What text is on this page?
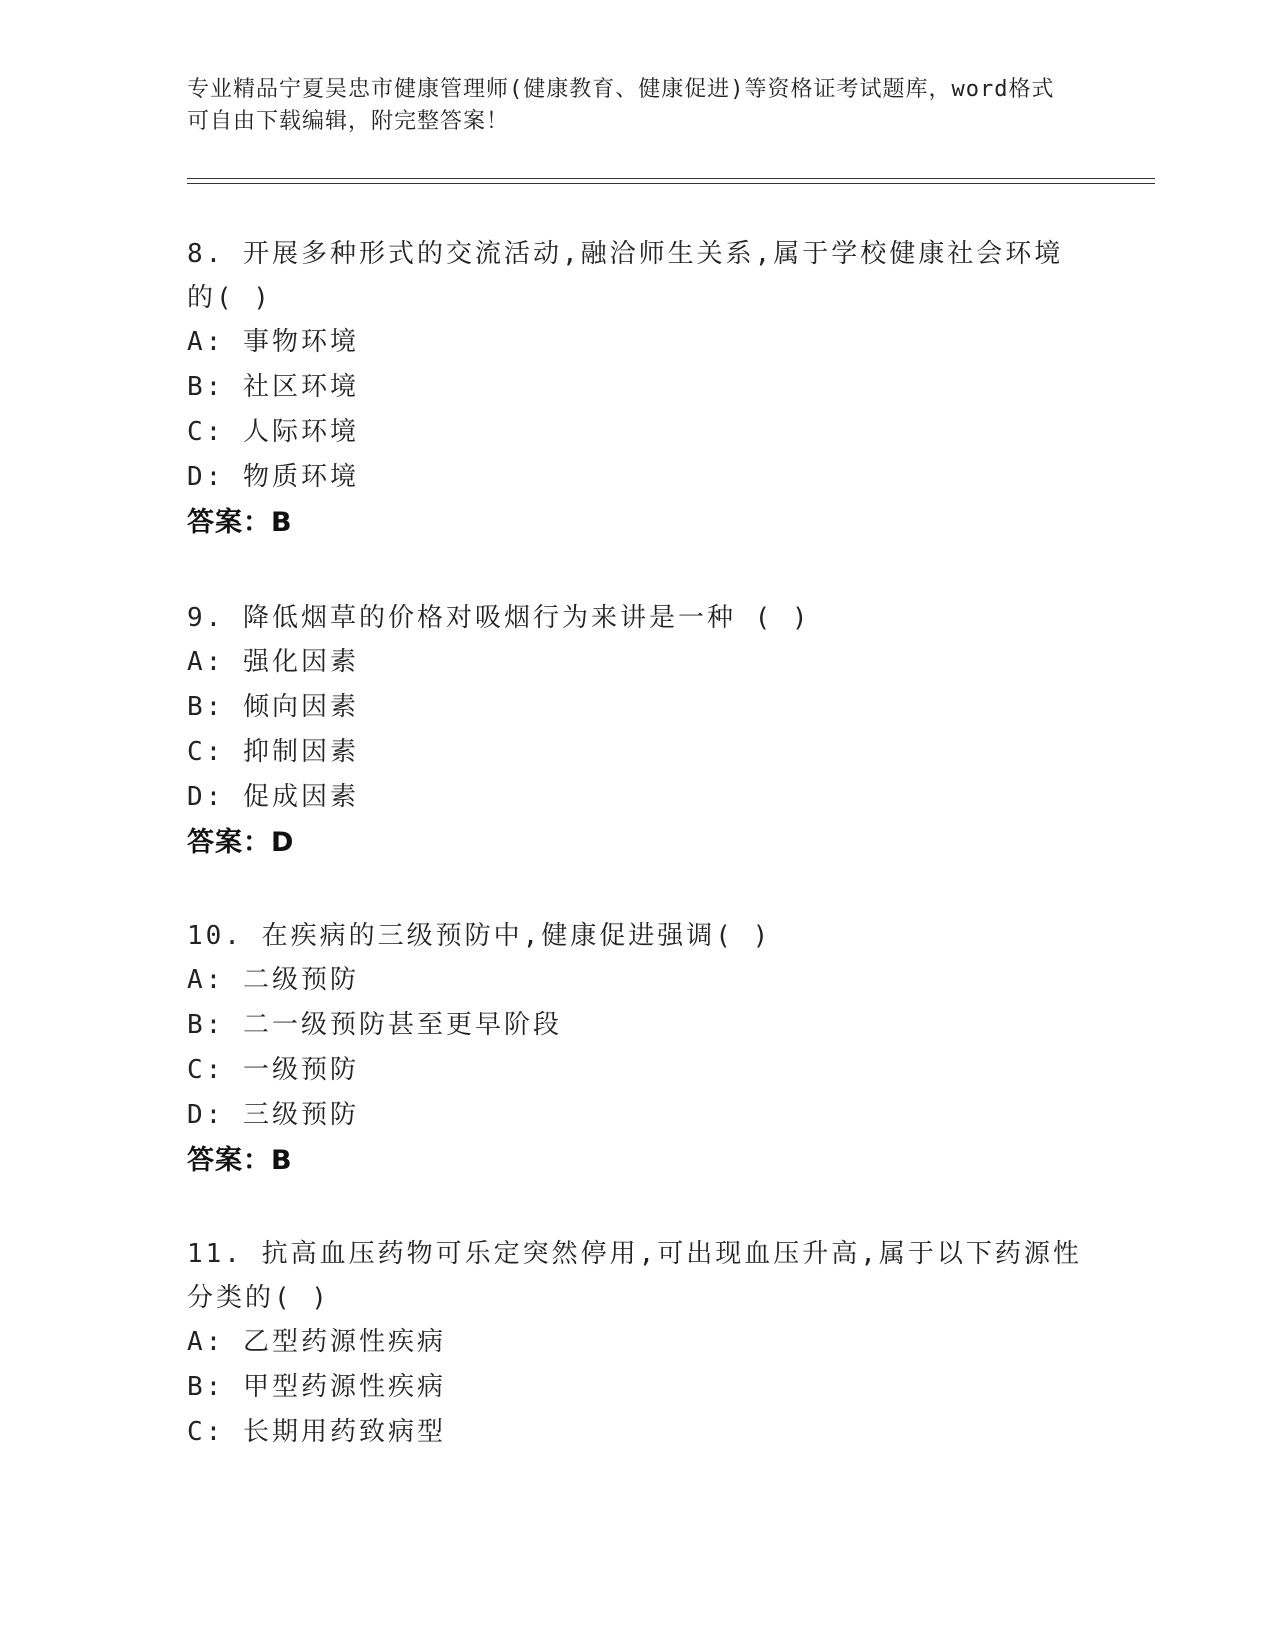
专业精品宁夏吴忠市健康管理师(健康教育、健康促进)等资格证考试题库，word格式可自由下载编辑，附完整答案！

8. 开展多种形式的交流活动,融洽师生关系,属于学校健康社会环境的( )

A: 事物环境

B: 社区环境

C: 人际环境

D: 物质环境

答案：B

9. 降低烟草的价格对吸烟行为来讲是一种 ( )

A: 强化因素

B: 倾向因素

C: 抑制因素

D: 促成因素

答案：D

10. 在疾病的三级预防中,健康促进强调( )

A: 二级预防

B: 二一级预防甚至更早阶段

C: 一级预防

D: 三级预防

答案：B

11. 抗高血压药物可乐定突然停用,可出现血压升高,属于以下药源性分类的( )

A: 乙型药源性疾病

B: 甲型药源性疾病

C: 长期用药致病型
